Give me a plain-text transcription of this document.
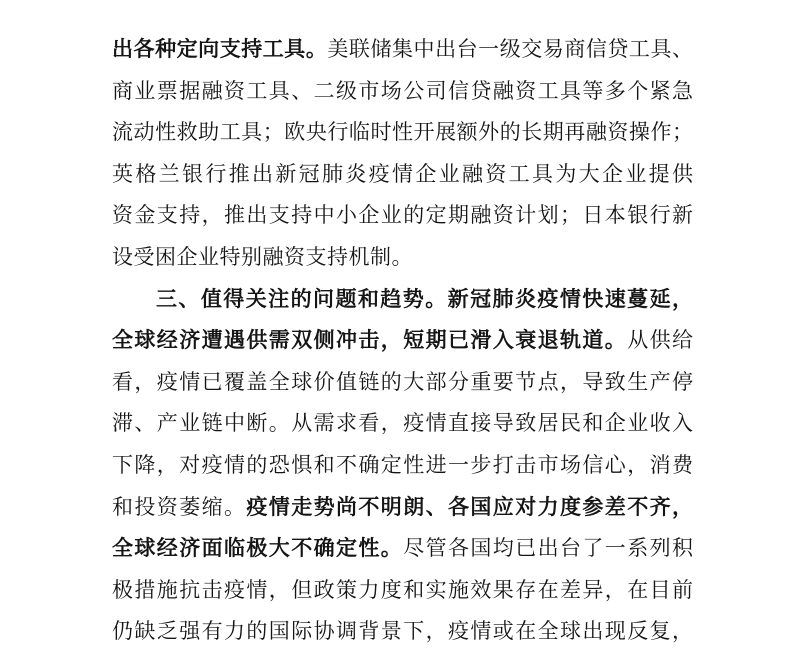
出各种定向支持工具。美联储集中出台一级交易商信贷工具、
商业票据融资工具、二级市场公司信贷融资工具等多个紧急
流动性救助工具；欧央行临时性开展额外的长期再融资操作；
英格兰银行推出新冠肺炎疫情企业融资工具为大企业提供
资金支持，推出支持中小企业的定期融资计划；日本银行新
设受困企业特别融资支持机制。
三、值得关注的问题和趋势。新冠肺炎疫情快速蔓延，
全球经济遭遇供需双侧冲击，短期已滑入衰退轨道。从供给
看，疫情已覆盖全球价值链的大部分重要节点，导致生产停
滞、产业链中断。从需求看，疫情直接导致居民和企业收入
下降，对疫情的恐惧和不确定性进一步打击市场信心，消费
和投资萎缩。疫情走势尚不明朗、各国应对力度参差不齐，
全球经济面临极大不确定性。尽管各国均已出台了一系列积
极措施抗击疫情，但政策力度和实施效果存在差异，在目前
仍缺乏强有力的国际协调背景下，疫情或在全球出现反复，
